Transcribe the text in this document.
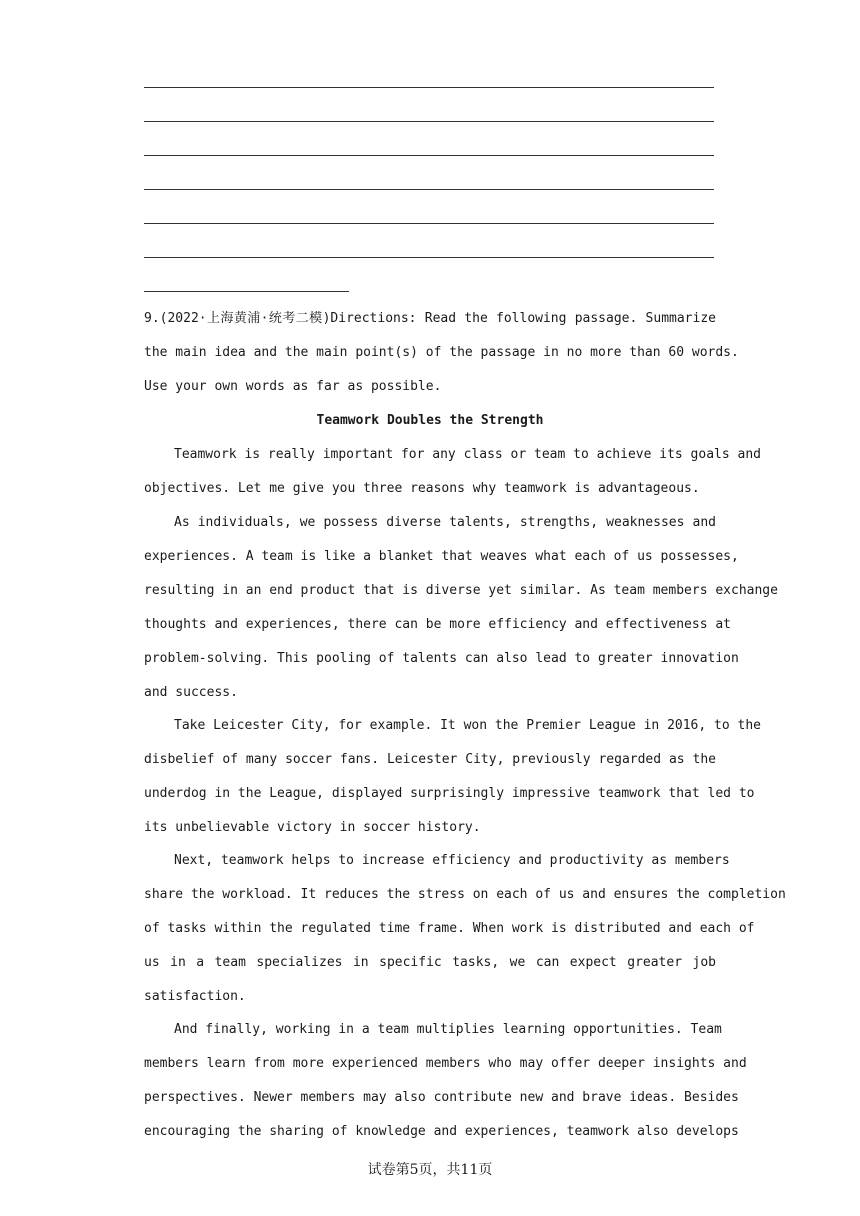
9.(2022·上海黄浦·统考二模)Directions: Read the following passage. Summarize
the main idea and the main point(s) of the passage in no more than 60 words.
Use your own words as far as possible.
Teamwork Doubles the Strength
Teamwork is really important for any class or team to achieve its goals and
objectives. Let me give you three reasons why teamwork is advantageous.
As individuals, we possess diverse talents, strengths, weaknesses and
experiences. A team is like a blanket that weaves what each of us possesses,
resulting in an end product that is diverse yet similar. As team members exchange
thoughts and experiences, there can be more efficiency and effectiveness at
problem-solving. This pooling of talents can also lead to greater innovation
and success.
Take Leicester City, for example. It won the Premier League in 2016, to the
disbelief of many soccer fans. Leicester City, previously regarded as the
underdog in the League, displayed surprisingly impressive teamwork that led to
its unbelievable victory in soccer history.
Next, teamwork helps to increase efficiency and productivity as members
share the workload. It reduces the stress on each of us and ensures the completion
of tasks within the regulated time frame. When work is distributed and each of
us in a team specializes in specific tasks, we can expect greater job
satisfaction.
And finally, working in a team multiplies learning opportunities. Team
members learn from more experienced members who may offer deeper insights and
perspectives. Newer members may also contribute new and brave ideas. Besides
encouraging the sharing of knowledge and experiences, teamwork also develops
试卷第5页，共11页
